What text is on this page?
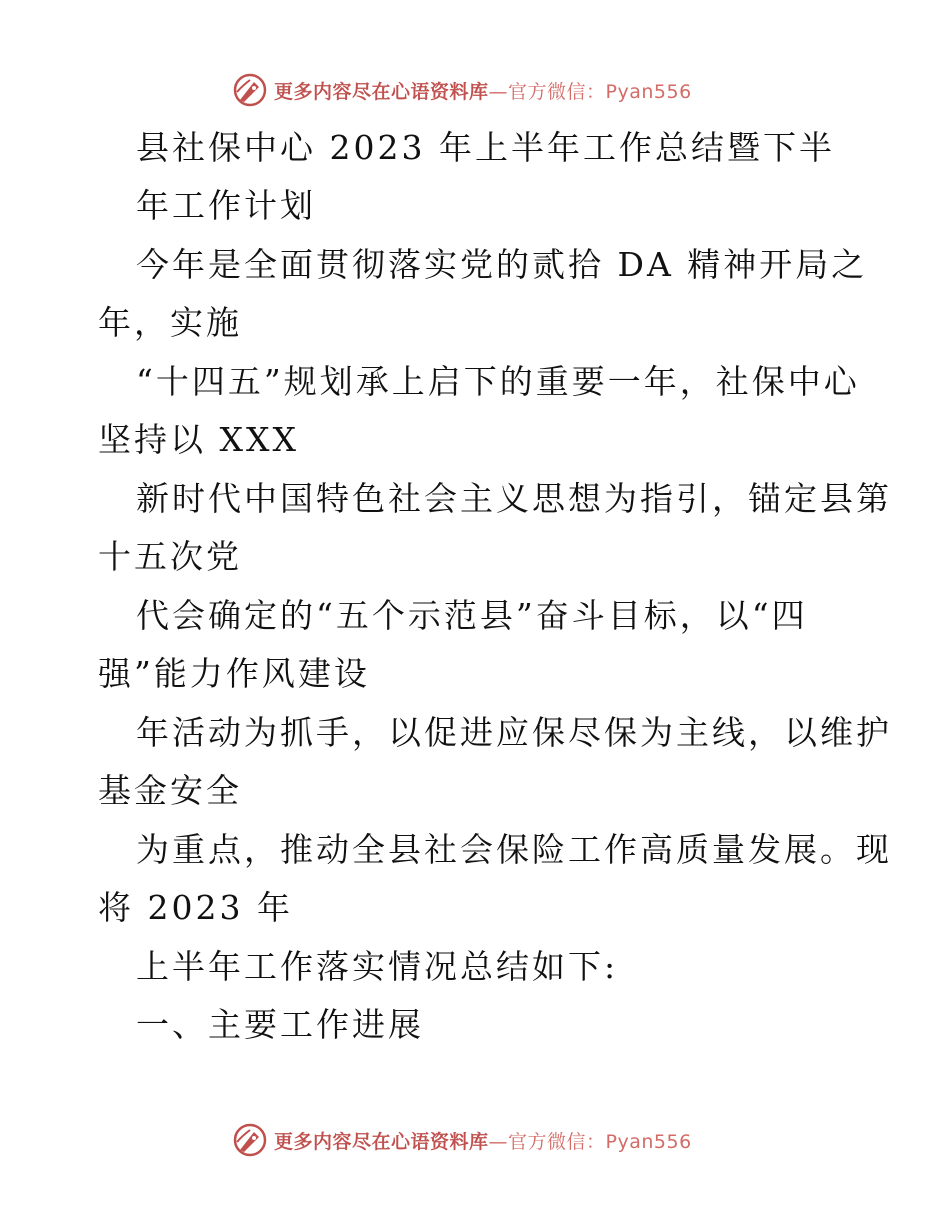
更多内容尽在心语资料库—官方微信：Pyan556
县社保中心 2023 年上半年工作总结暨下半
年工作计划
今年是全面贯彻落实党的贰拾 DA 精神开局之
年，实施
“十四五”规划承上启下的重要一年，社保中心
坚持以 XXX
新时代中国特色社会主义思想为指引，锚定县第
十五次党
代会确定的“五个示范县”奋斗目标，以“四
强”能力作风建设
年活动为抓手，以促进应保尽保为主线，以维护
基金安全
为重点，推动全县社会保险工作高质量发展。现
将 2023 年
上半年工作落实情况总结如下:
一、主要工作进展
更多内容尽在心语资料库—官方微信：Pyan556
